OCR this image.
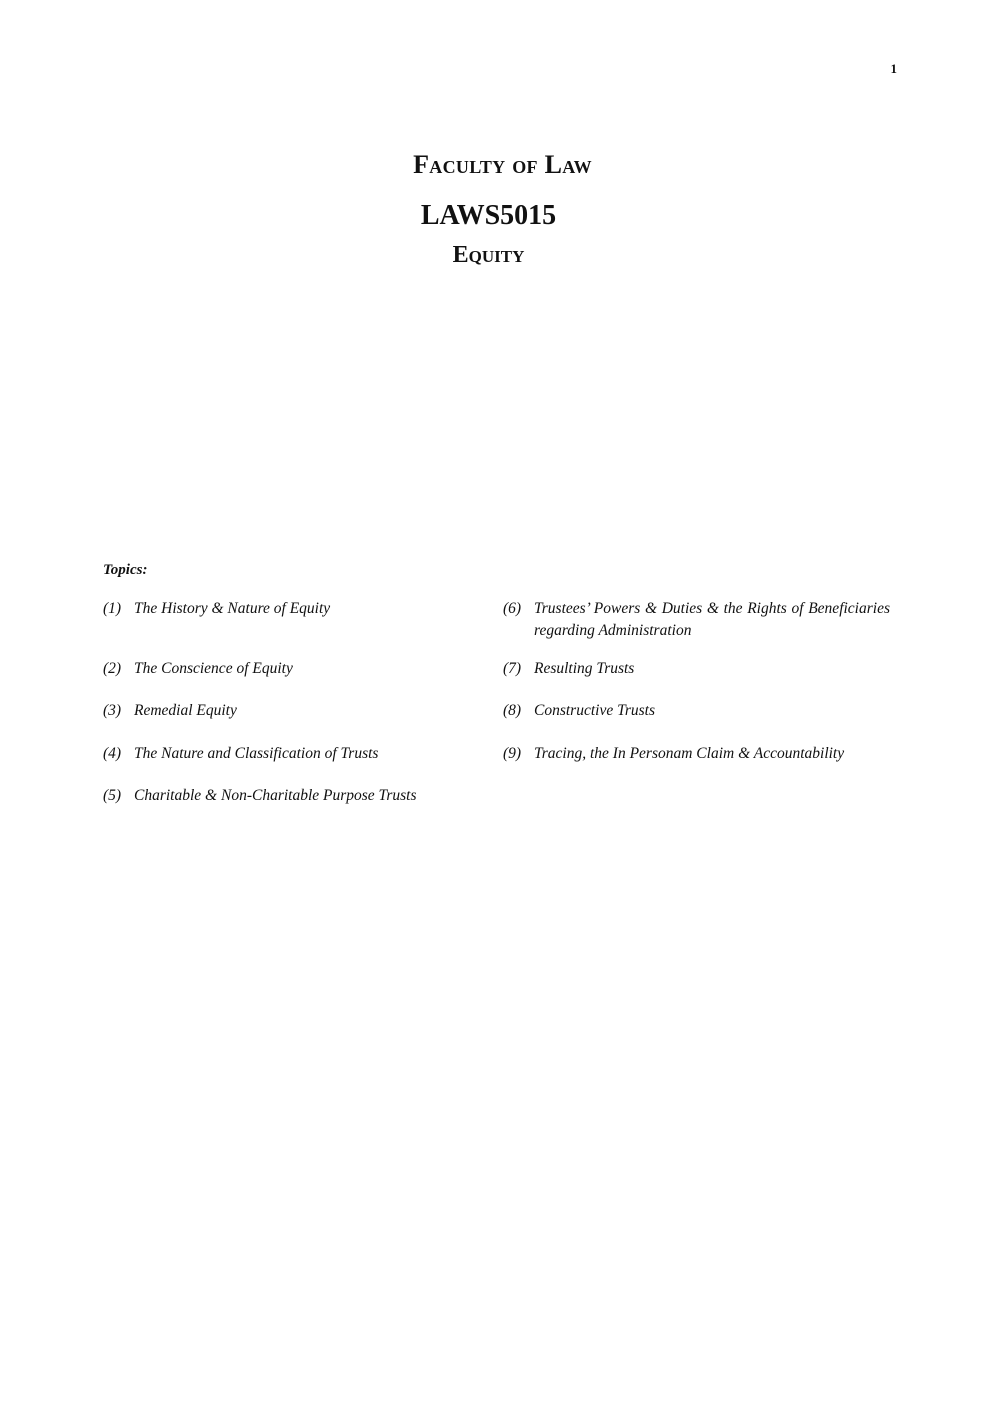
1
Faculty of Law
LAWS5015
Equity
Topics:
(1) The History & Nature of Equity
(2) The Conscience of Equity
(3) Remedial Equity
(4) The Nature and Classification of Trusts
(5) Charitable & Non-Charitable Purpose Trusts
(6) Trustees’ Powers & Duties & the Rights of Beneficiaries regarding Administration
(7) Resulting Trusts
(8) Constructive Trusts
(9) Tracing, the In Personam Claim & Accountability
